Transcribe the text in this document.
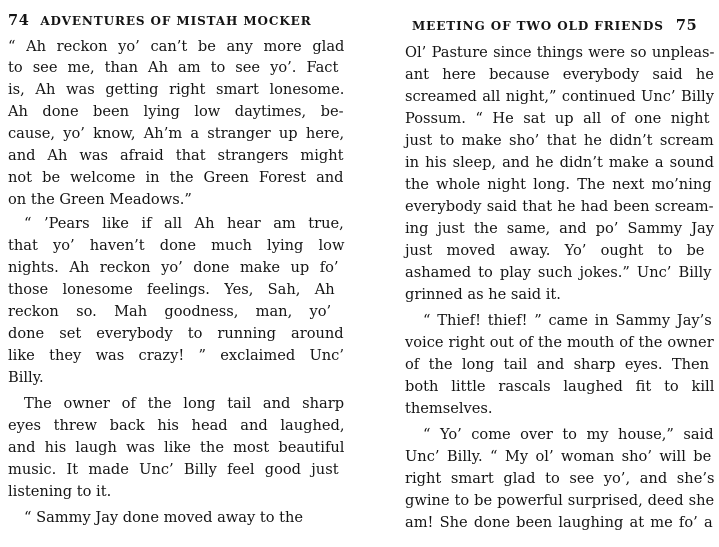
74 ADVENTURES OF MISTAH MOCKER
“ Ah reckon yo’ can’t be any more glad
to see me, than Ah am to see yo’. Fact
is, Ah was getting right smart lonesome.
Ah done been lying low daytimes, be-
cause, yo’ know, Ah’m a stranger up here,
and Ah was afraid that strangers might
not be welcome in the Green Forest and
on the Green Meadows.”
“ ’Pears like if all Ah hear am true,
that yo’ haven’t done much lying low
nights. Ah reckon yo’ done make up fo’
those lonesome feelings. Yes, Sah, Ah
reckon so. Mah goodness, man, yo’
done set everybody to running around
like they was crazy! ” exclaimed Unc’
Billy.
The owner of the long tail and sharp
eyes threw back his head and laughed,
and his laugh was like the most beautiful
music. It made Unc’ Billy feel good just
listening to it.
“ Sammy Jay done moved away to the
MEETING OF TWO OLD FRIENDS 75
Ol’ Pasture since things were so unpleas-
ant here because everybody said he
screamed all night,” continued Unc’ Billy
Possum. “ He sat up all of one night
just to make sho’ that he didn’t scream
in his sleep, and he didn’t make a sound
the whole night long. The next mo’ning
everybody said that he had been scream-
ing just the same, and po’ Sammy Jay
just moved away. Yo’ ought to be
ashamed to play such jokes.” Unc’ Billy
grinned as he said it.
“ Thief! thief! ” came in Sammy Jay’s
voice right out of the mouth of the owner
of the long tail and sharp eyes. Then
both little rascals laughed fit to kill
themselves.
“ Yo’ come over to my house,” said
Unc’ Billy. “ My ol’ woman sho’ will be
right smart glad to see yo’, and she’s
gwine to be powerful surprised, deed she
am! She done been laughing at me fo’ a
